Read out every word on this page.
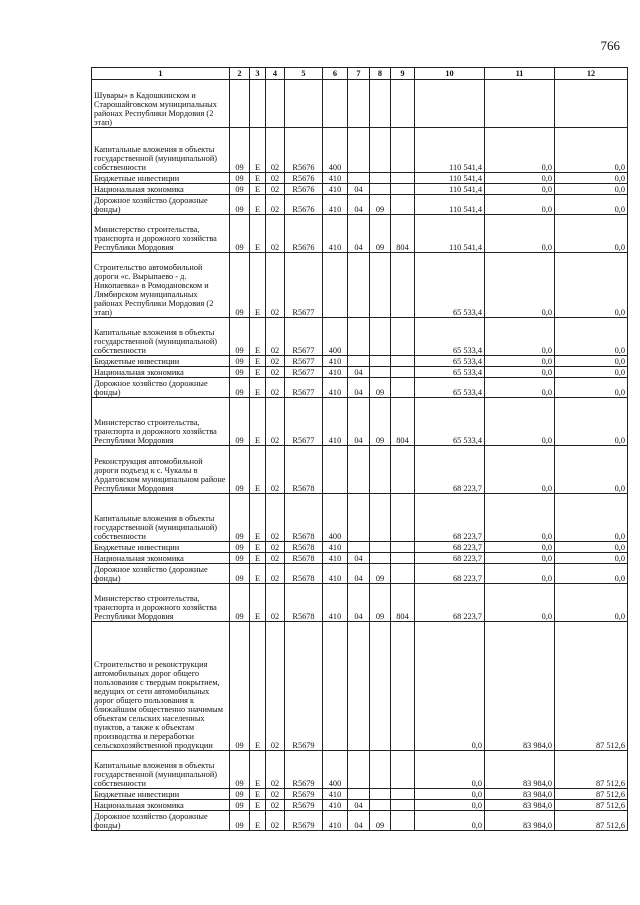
766
1	2	3	4	5	6	7	8	9	10	11	12
Шувары» в Кадошкинском и Старошайговском муниципальных районах Республики Мордовия (2 этап)											
Капитальные вложения в объекты государственной (муниципальной) собственности	09	Е	02	R5676	400				110 541,4	0,0	0,0
Бюджетные инвестиции	09	Е	02	R5676	410				110 541,4	0,0	0,0
Национальная экономика	09	Е	02	R5676	410	04			110 541,4	0,0	0,0
Дорожное хозяйство (дорожные фонды)	09	Е	02	R5676	410	04	09		110 541,4	0,0	0,0
Министерство строительства, транспорта и дорожного хозяйства Республики Мордовия	09	Е	02	R5676	410	04	09	804	110 541,4	0,0	0,0
Строительство автомобильной дороги «с. Вырыпаево - д. Никопаевка» в Ромодановском и Лямбирском муниципальных районах Республики Мордовия (2 этап)	09	Е	02	R5677					65 533,4	0,0	0,0
Капитальные вложения в объекты государственной (муниципальной) собственности	09	Е	02	R5677	400				65 533,4	0,0	0,0
Бюджетные инвестиции	09	Е	02	R5677	410				65 533,4	0,0	0,0
Национальная экономика	09	Е	02	R5677	410	04			65 533,4	0,0	0,0
Дорожное хозяйство (дорожные фонды)	09	Е	02	R5677	410	04	09		65 533,4	0,0	0,0
Министерство строительства, транспорта и дорожного хозяйства Республики Мордовия	09	Е	02	R5677	410	04	09	804	65 533,4	0,0	0,0
Реконструкция автомобильной дороги подъезд к с. Чукалы в Ардатовском муниципальном районе Республики Мордовия	09	Е	02	R5678					68 223,7	0,0	0,0
Капитальные вложения в объекты государственной (муниципальной) собственности	09	Е	02	R5678	400				68 223,7	0,0	0,0
Бюджетные инвестиции	09	Е	02	R5678	410				68 223,7	0,0	0,0
Национальная экономика	09	Е	02	R5678	410	04			68 223,7	0,0	0,0
Дорожное хозяйство (дорожные фонды)	09	Е	02	R5678	410	04	09		68 223,7	0,0	0,0
Министерство строительства, транспорта и дорожного хозяйства Республики Мордовия	09	Е	02	R5678	410	04	09	804	68 223,7	0,0	0,0
Строительство и реконструкция автомобильных дорог общего пользования с твердым покрытием, ведущих от сети автомобильных дорог общего пользования к ближайшим общественно значимым объектам сельских населенных пунктов, а также к объектам производства и переработки сельскохозяйственной продукции	09	Е	02	R5679					0,0	83 984,0	87 512,6
Капитальные вложения в объекты государственной (муниципальной) собственности	09	Е	02	R5679	400				0,0	83 984,0	87 512,6
Бюджетные инвестиции	09	Е	02	R5679	410				0,0	83 984,0	87 512,6
Национальная экономика	09	Е	02	R5679	410	04			0,0	83 984,0	87 512,6
Дорожное хозяйство (дорожные фонды)	09	Е	02	R5679	410	04	09		0,0	83 984,0	87 512,6
